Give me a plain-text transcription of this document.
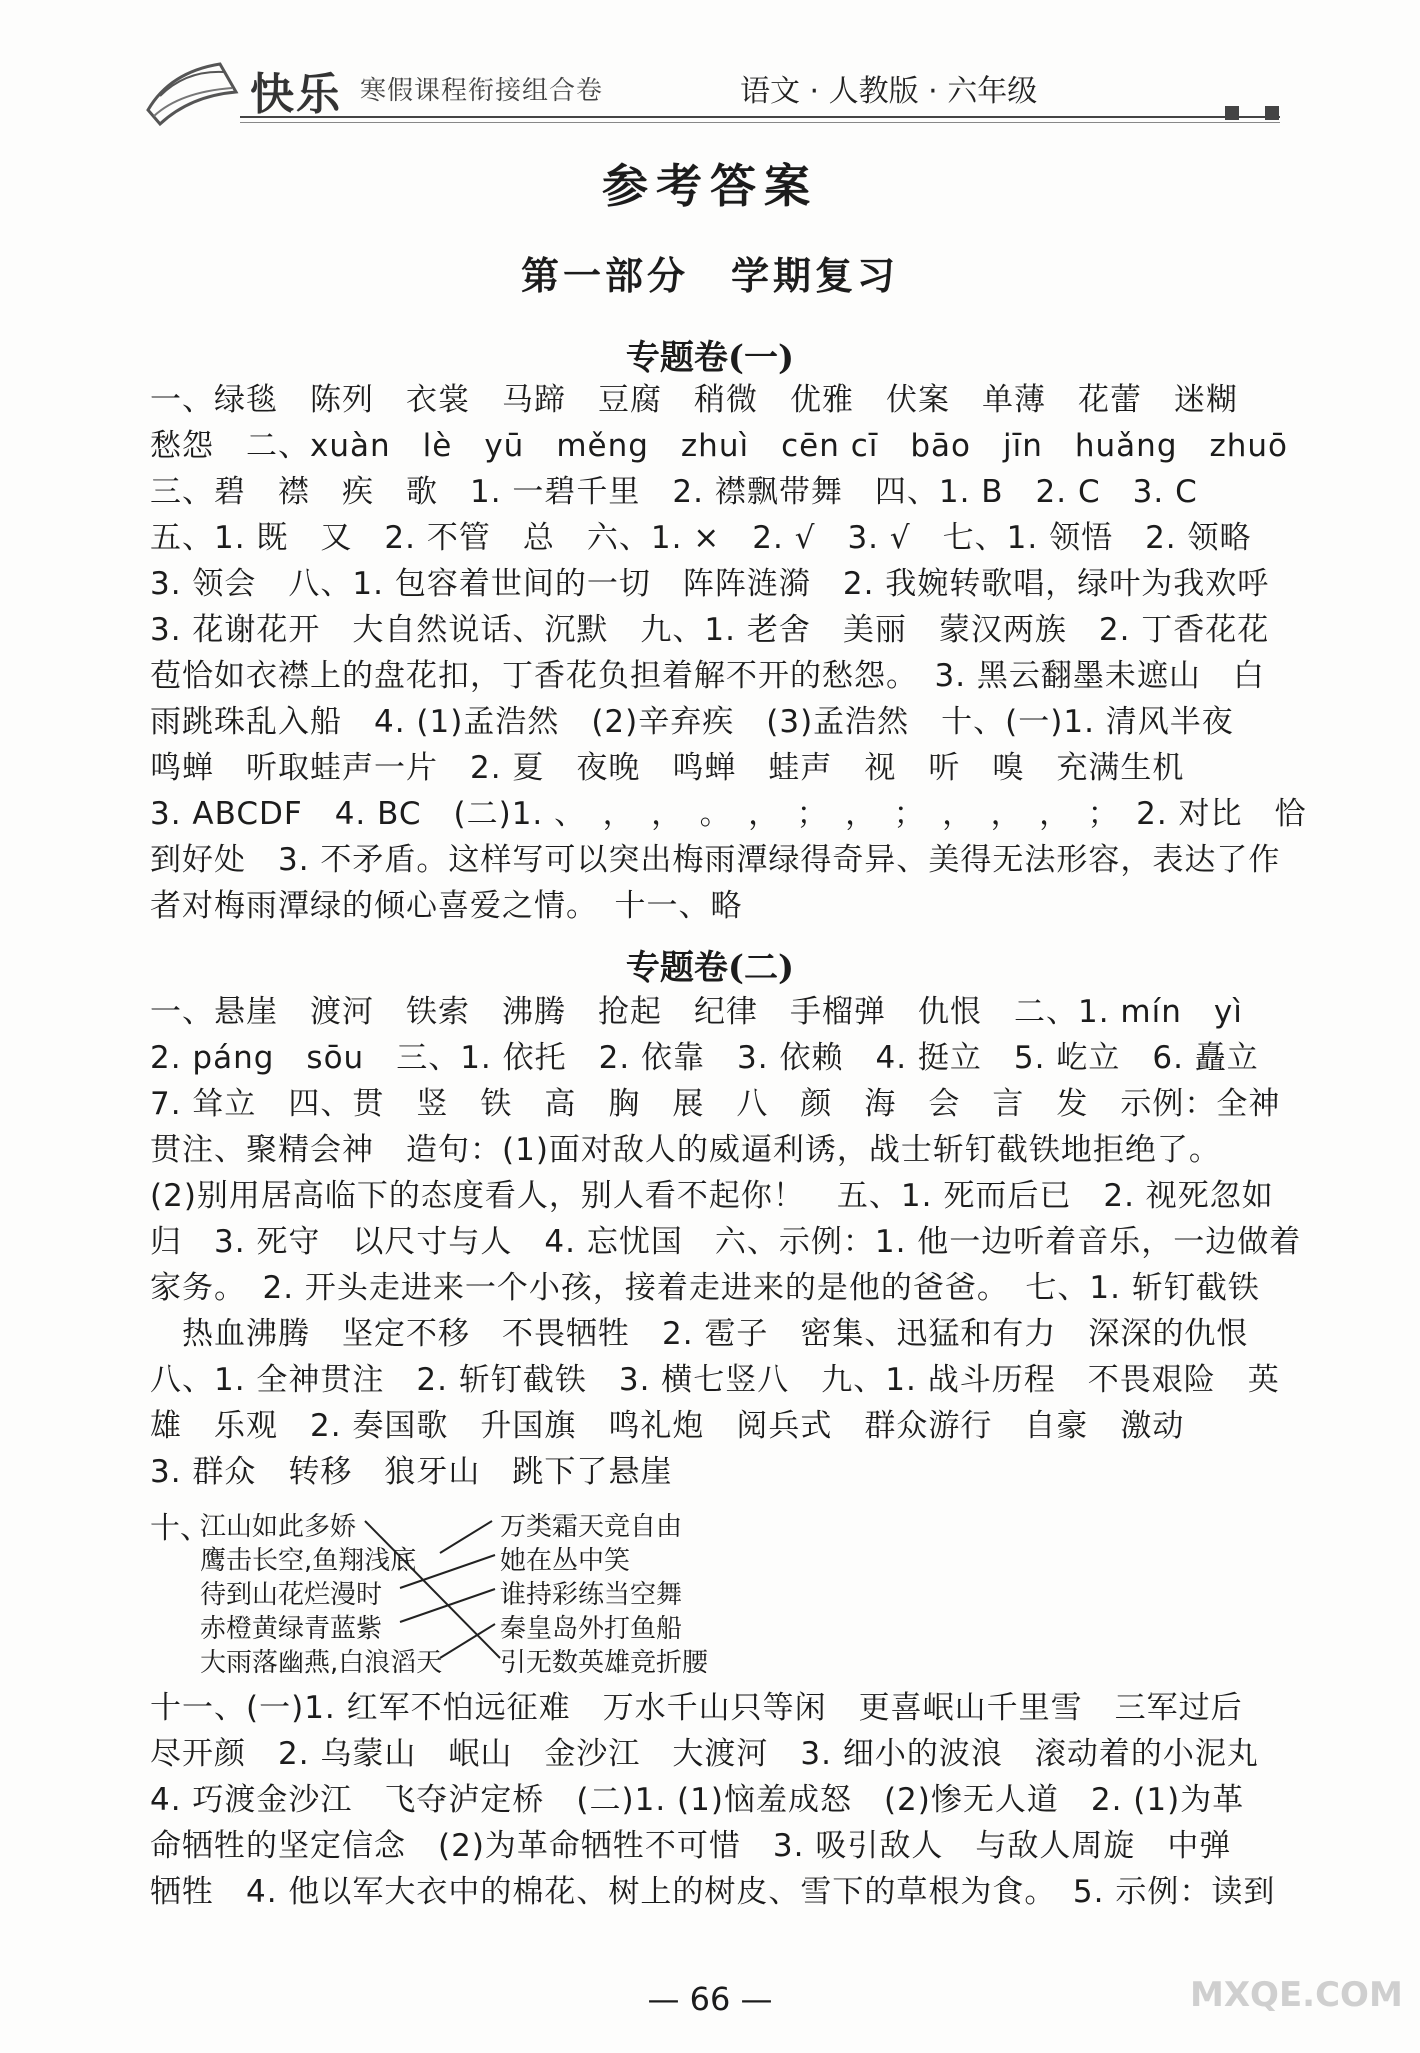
快乐 寒假课程衔接组合卷	语文 · 人教版 · 六年级
参考答案
第一部分　学期复习
专题卷(一)
一、绿毯　陈列　衣裳　马蹄　豆腐　稍微　优雅　伏案　单薄　花蕾　迷糊
愁怨　二、xuàn　lè　yū　měng　zhuì　cēn cī　bāo　jīn　huǎng　zhuō
三、碧　襟　疾　歌　1. 一碧千里　2. 襟飘带舞　四、1. B　2. C　3. C
五、1. 既　又　2. 不管　总　六、1. ×　2. √　3. √　七、1. 领悟　2. 领略
3. 领会　八、1. 包容着世间的一切　阵阵涟漪　2. 我婉转歌唱，绿叶为我欢呼
3. 花谢花开　大自然说话、沉默　九、1. 老舍　美丽　蒙汉两族　2. 丁香花花
苞恰如衣襟上的盘花扣，丁香花负担着解不开的愁怨。　3. 黑云翻墨未遮山　白
雨跳珠乱入船　4. (1)孟浩然　(2)辛弃疾　(3)孟浩然　十、(一)1. 清风半夜
鸣蝉　听取蛙声一片　2. 夏　夜晚　鸣蝉　蛙声　视　听　嗅　充满生机
3. ABCDF　4. BC　(二)1. 、　，　，　。　，　；　，　；　，　，　，　；　2. 对比　恰
到好处　3. 不矛盾。这样写可以突出梅雨潭绿得奇异、美得无法形容，表达了作
者对梅雨潭绿的倾心喜爱之情。　十一、略
专题卷(二)
一、悬崖　渡河　铁索　沸腾　抢起　纪律　手榴弹　仇恨　二、1. mín　yì
2. páng　sōu　三、1. 依托　2. 依靠　3. 依赖　4. 挺立　5. 屹立　6. 矗立
7. 耸立　四、贯　竖　铁　高　胸　展　八　颜　海　会　言　发　示例：全神
贯注、聚精会神　造句：(1)面对敌人的威逼利诱，战士斩钉截铁地拒绝了。
(2)别用居高临下的态度看人，别人看不起你！　五、1. 死而后已　2. 视死忽如
归　3. 死守　以尺寸与人　4. 忘忧国　六、示例：1. 他一边听着音乐，一边做着
家务。　2. 开头走进来一个小孩，接着走进来的是他的爸爸。　七、1. 斩钉截铁
　热血沸腾　坚定不移　不畏牺牲　2. 雹子　密集、迅猛和有力　深深的仇恨
八、1. 全神贯注　2. 斩钉截铁　3. 横七竖八　九、1. 战斗历程　不畏艰险　英
雄　乐观　2. 奏国歌　升国旗　鸣礼炮　阅兵式　群众游行　自豪　激动
3. 群众　转移　狼牙山　跳下了悬崖
十、
江山如此多娇
鹰击长空,鱼翔浅底
待到山花烂漫时
赤橙黄绿青蓝紫
大雨落幽燕,白浪滔天
万类霜天竞自由
她在丛中笑
谁持彩练当空舞
秦皇岛外打鱼船
引无数英雄竞折腰
十一、(一)1. 红军不怕远征难　万水千山只等闲　更喜岷山千里雪　三军过后
尽开颜　2. 乌蒙山　岷山　金沙江　大渡河　3. 细小的波浪　滚动着的小泥丸
4. 巧渡金沙江　飞夺泸定桥　(二)1. (1)恼羞成怒　(2)惨无人道　2. (1)为革
命牺牲的坚定信念　(2)为革命牺牲不可惜　3. 吸引敌人　与敌人周旋　中弹
牺牲　4. 他以军大衣中的棉花、树上的树皮、雪下的草根为食。　5. 示例：读到
— 66 —	MXQE.COM
